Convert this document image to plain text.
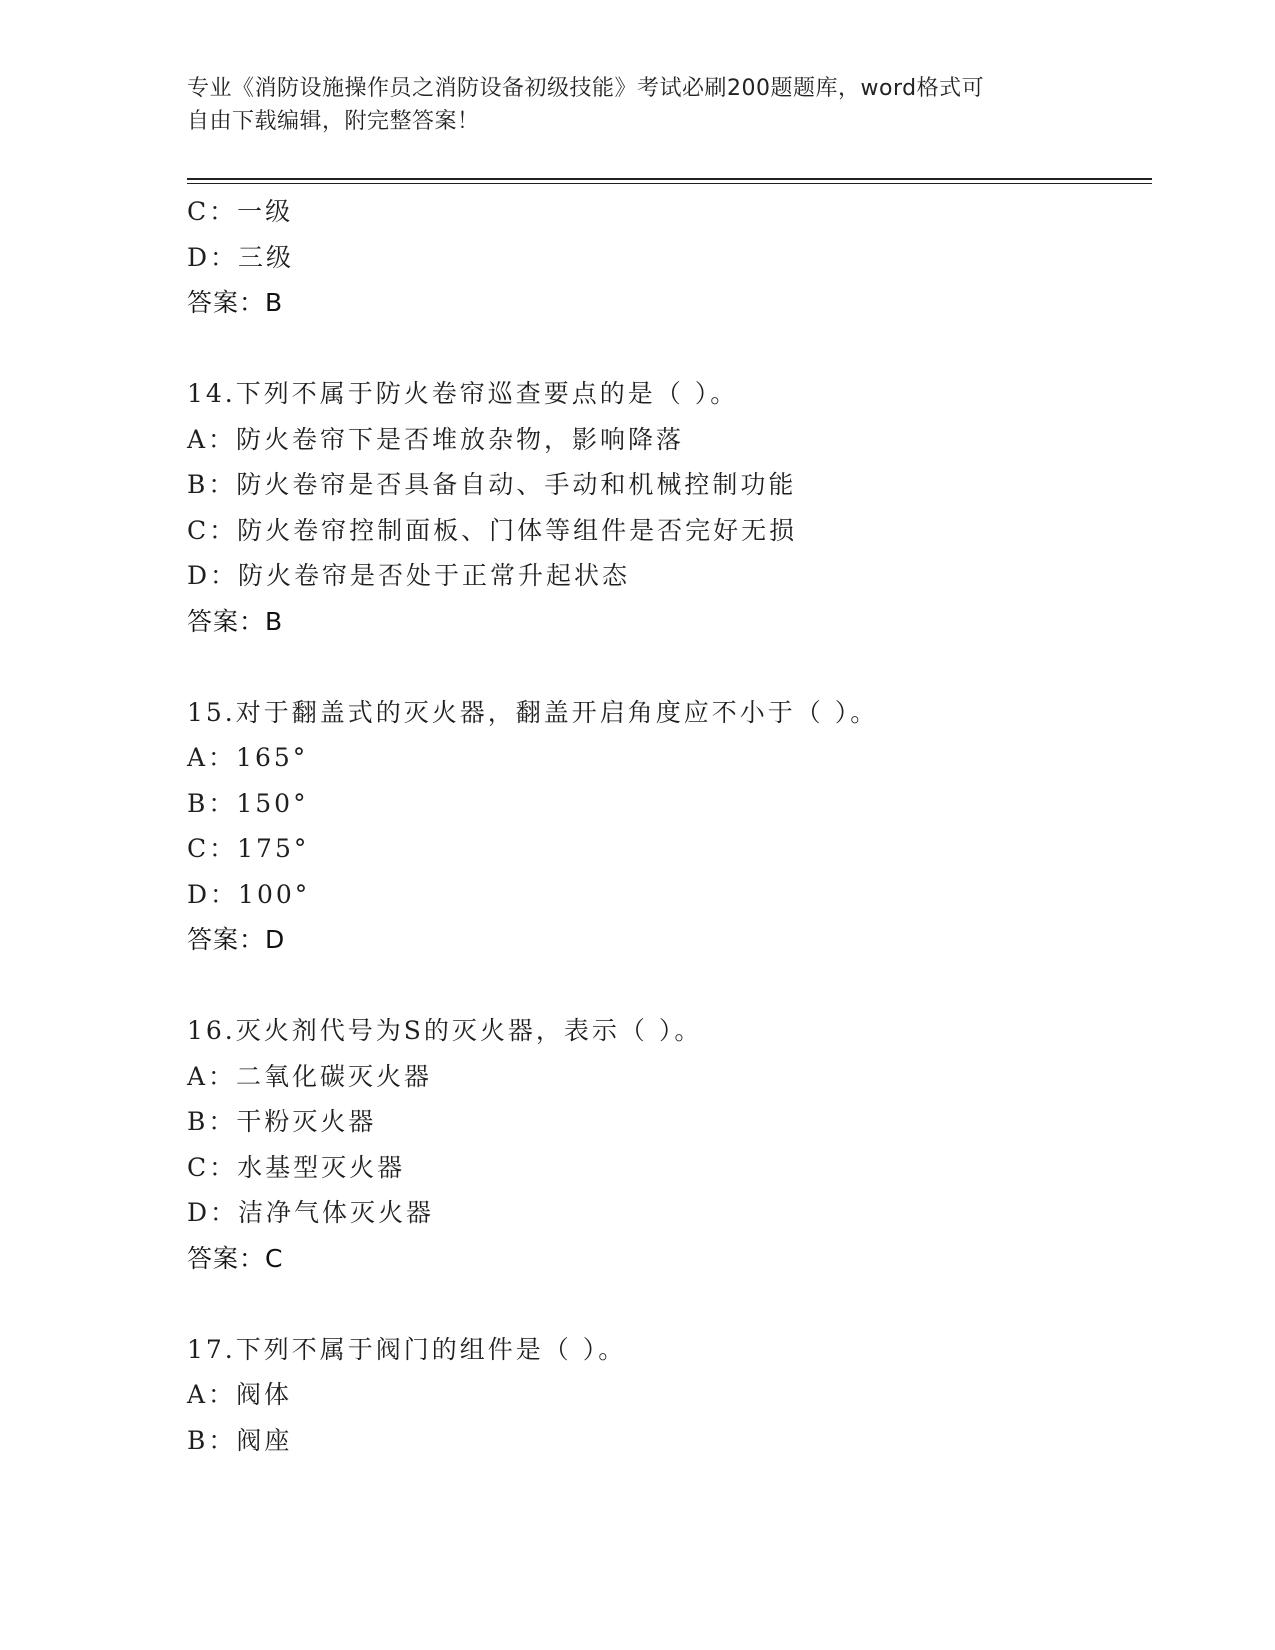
专业《消防设施操作员之消防设备初级技能》考试必刷200题题库，word格式可
自由下载编辑，附完整答案！
C：一级
D：三级
答案：B
14.下列不属于防火卷帘巡查要点的是（ ）。
A：防火卷帘下是否堆放杂物，影响降落
B：防火卷帘是否具备自动、手动和机械控制功能
C：防火卷帘控制面板、门体等组件是否完好无损
D：防火卷帘是否处于正常升起状态
答案：B
15.对于翻盖式的灭火器，翻盖开启角度应不小于（ ）。
A：165°
B：150°
C：175°
D：100°
答案：D
16.灭火剂代号为S的灭火器，表示（ ）。
A：二氧化碳灭火器
B：干粉灭火器
C：水基型灭火器
D：洁净气体灭火器
答案：C
17.下列不属于阀门的组件是（ ）。
A：阀体
B：阀座
